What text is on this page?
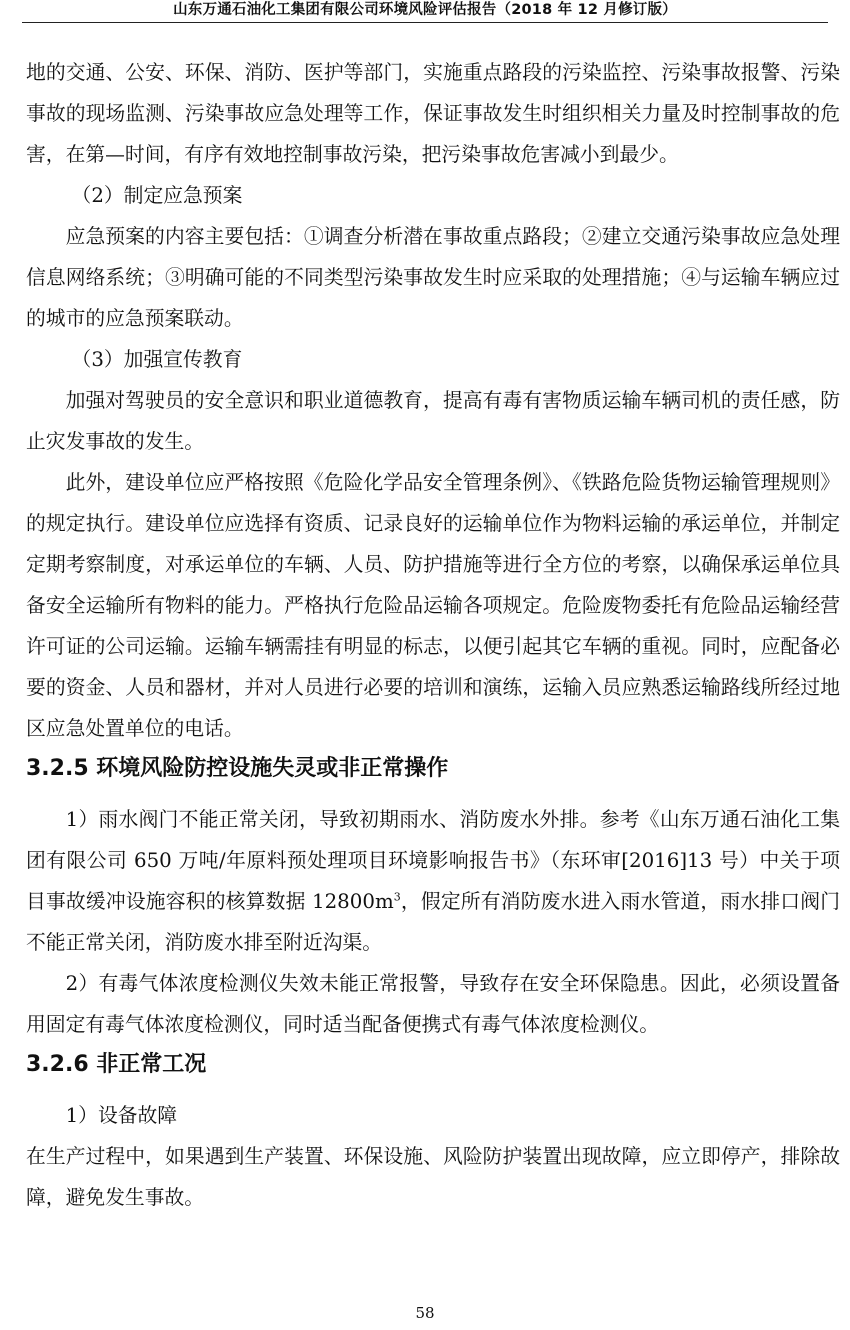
山东万通石油化工集团有限公司环境风险评估报告（2018 年 12 月修订版）

地的交通、公安、环保、消防、医护等部门，实施重点路段的污染监控、污染事故报警、污染事故的现场监测、污染事故应急处理等工作，保证事故发生时组织相关力量及时控制事故的危害，在第—时间，有序有效地控制事故污染，把污染事故危害减小到最少。

（2）制定应急预案

应急预案的内容主要包括：①调查分析潜在事故重点路段；②建立交通污染事故应急处理信息网络系统；③明确可能的不同类型污染事故发生时应采取的处理措施；④与运输车辆应过的城市的应急预案联动。

（3）加强宣传教育

加强对驾驶员的安全意识和职业道德教育，提高有毒有害物质运输车辆司机的责任感，防止灾发事故的发生。

此外，建设单位应严格按照《危险化学品安全管理条例》、《铁路危险货物运输管理规则》的规定执行。建设单位应选择有资质、记录良好的运输单位作为物料运输的承运单位，并制定定期考察制度，对承运单位的车辆、人员、防护措施等进行全方位的考察，以确保承运单位具备安全运输所有物料的能力。严格执行危险品运输各项规定。危险废物委托有危险品运输经营许可证的公司运输。运输车辆需挂有明显的标志，以便引起其它车辆的重视。同时，应配备必要的资金、人员和器材，并对人员进行必要的培训和演练，运输入员应熟悉运输路线所经过地区应急处置单位的电话。

3.2.5 环境风险防控设施失灵或非正常操作

1）雨水阀门不能正常关闭，导致初期雨水、消防废水外排。参考《山东万通石油化工集团有限公司 650 万吨/年原料预处理项目环境影响报告书》（东环审[2016]13 号）中关于项目事故缓冲设施容积的核算数据 $12800m^3$，假定所有消防废水进入雨水管道，雨水排口阀门不能正常关闭，消防废水排至附近沟渠。

2）有毒气体浓度检测仪失效未能正常报警，导致存在安全环保隐患。因此，必须设置备用固定有毒气体浓度检测仪，同时适当配备便携式有毒气体浓度检测仪。

3.2.6 非正常工况

1）设备故障

在生产过程中，如果遇到生产装置、环保设施、风险防护装置出现故障，应立即停产，排除故障，避免发生事故。

58
